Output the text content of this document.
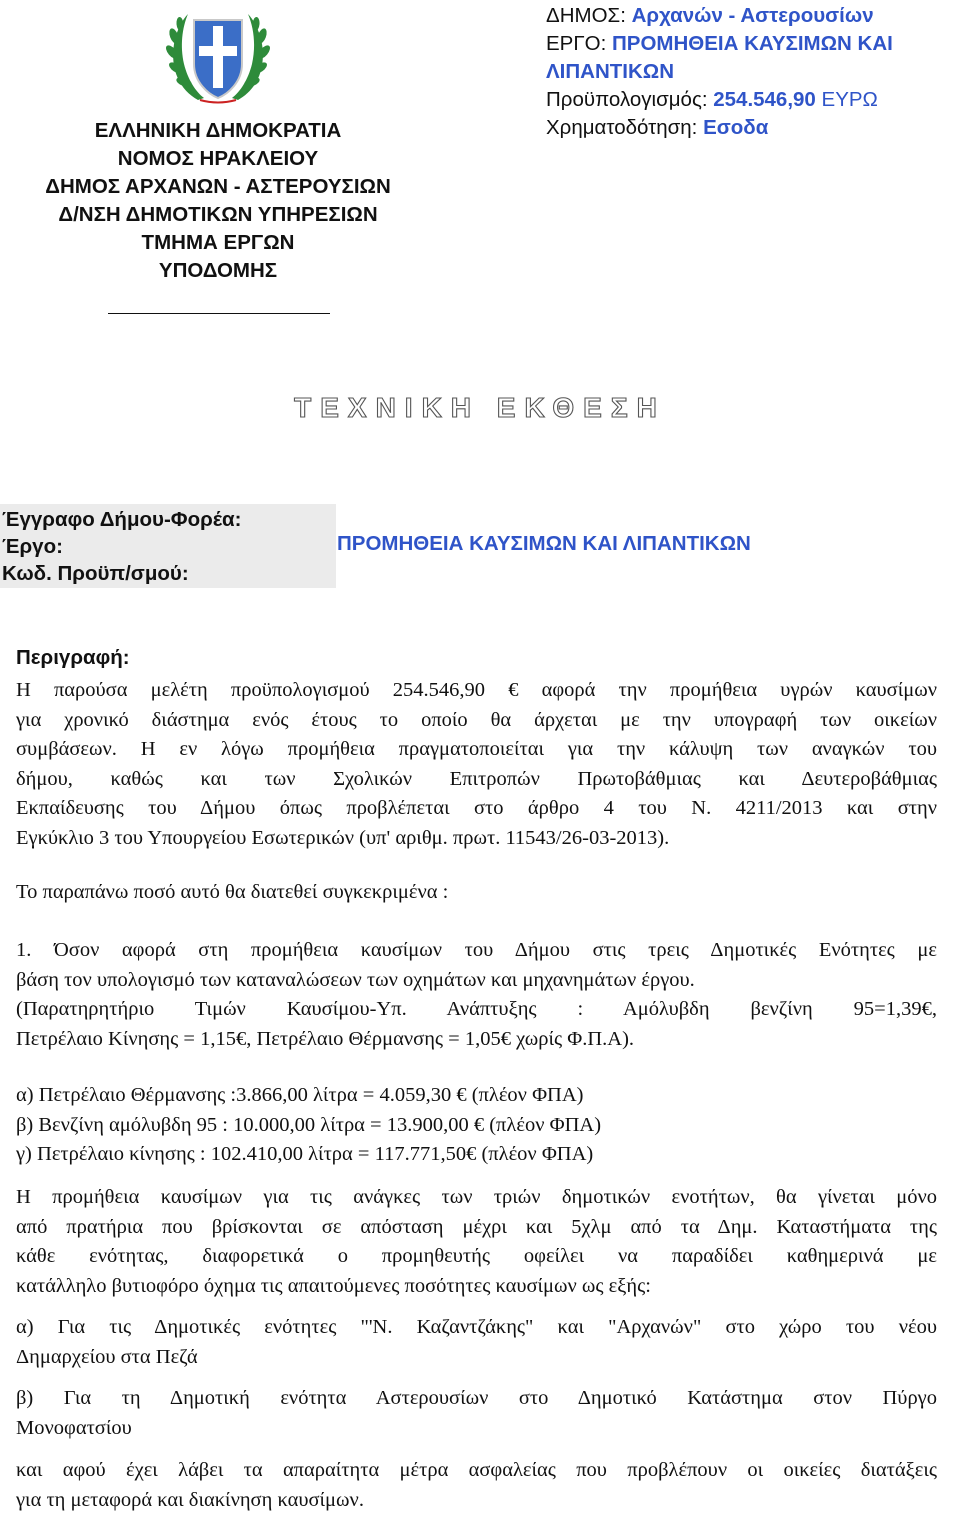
ΕΛΛΗΝΙΚΗ ΔΗΜΟΚΡΑΤΙΑ
ΝΟΜΟΣ ΗΡΑΚΛΕΙΟΥ
ΔΗΜΟΣ ΑΡΧΑΝΩΝ - ΑΣΤΕΡΟΥΣΙΩΝ
Δ/ΝΣΗ ΔΗΜΟΤΙΚΩΝ ΥΠΗΡΕΣΙΩΝ
ΤΜΗΜΑ ΕΡΓΩΝ
ΥΠΟΔΟΜΗΣ
ΔΗΜΟΣ: Αρχανών - Αστερουσίων
ΕΡΓΟ: ΠΡΟΜΗΘΕΙΑ ΚΑΥΣΙΜΩΝ ΚΑΙ
ΛΙΠΑΝΤΙΚΩΝ
Προϋπολογισμός: 254.546,90 ΕΥΡΩ
Χρηματοδότηση: Εσοδα
ΤΕΧΝΙΚΗ ΕΚΘΕΣΗ
Έγγραφο Δήμου-Φορέα:
Έργο:
Κωδ. Προϋπ/σμού:
ΠΡΟΜΗΘΕΙΑ ΚΑΥΣΙΜΩΝ ΚΑΙ ΛΙΠΑΝΤΙΚΩΝ
Περιγραφή:
Η παρούσα μελέτη προϋπολογισμού 254.546,90 € αφορά την προμήθεια υγρών καυσίμων
για χρονικό διάστημα ενός έτους το οποίο θα άρχεται με την υπογραφή των οικείων
συμβάσεων. Η εν λόγω προμήθεια πραγματοποιείται για την κάλυψη των αναγκών του
δήμου, καθώς και των Σχολικών Επιτροπών Πρωτοβάθμιας και Δευτεροβάθμιας
Εκπαίδευσης του Δήμου όπως προβλέπεται στο άρθρο 4 του Ν. 4211/2013 και στην
Εγκύκλιο 3 του Υπουργείου Εσωτερικών (υπ' αριθμ. πρωτ. 11543/26-03-2013).
Το παραπάνω ποσό αυτό θα διατεθεί συγκεκριμένα :
1. Όσον αφορά στη προμήθεια καυσίμων του Δήμου στις τρεις Δημοτικές Ενότητες με
βάση τον υπολογισμό των καταναλώσεων των οχημάτων και μηχανημάτων έργου.
(Παρατηρητήριο Τιμών Καυσίμου-Υπ. Ανάπτυξης : Αμόλυβδη βενζίνη 95=1,39€,
Πετρέλαιο Κίνησης = 1,15€, Πετρέλαιο Θέρμανσης = 1,05€ χωρίς Φ.Π.Α).
α) Πετρέλαιο Θέρμανσης :3.866,00 λίτρα = 4.059,30 € (πλέον ΦΠΑ)
β) Βενζίνη αμόλυβδη 95 : 10.000,00 λίτρα = 13.900,00 € (πλέον ΦΠΑ)
γ) Πετρέλαιο κίνησης : 102.410,00 λίτρα = 117.771,50€ (πλέον ΦΠΑ)
Η προμήθεια καυσίμων για τις ανάγκες των τριών δημοτικών ενοτήτων, θα γίνεται μόνο
από πρατήρια που βρίσκονται σε απόσταση μέχρι και 5χλμ από τα Δημ. Καταστήματα της
κάθε ενότητας, διαφορετικά ο προμηθευτής οφείλει να παραδίδει καθημερινά με
κατάλληλο βυτιοφόρο όχημα τις απαιτούμενες ποσότητες καυσίμων ως εξής:
α) Για τις Δημοτικές ενότητες "'Ν. Καζαντζάκης" και "Αρχανών" στο χώρο του νέου
Δημαρχείου στα Πεζά
β) Για τη Δημοτική ενότητα Αστερουσίων στο Δημοτικό Κατάστημα στον Πύργο
Μονοφατσίου
και αφού έχει λάβει τα απαραίτητα μέτρα ασφαλείας που προβλέπουν οι οικείες διατάξεις
για τη μεταφορά και διακίνηση καυσίμων.
